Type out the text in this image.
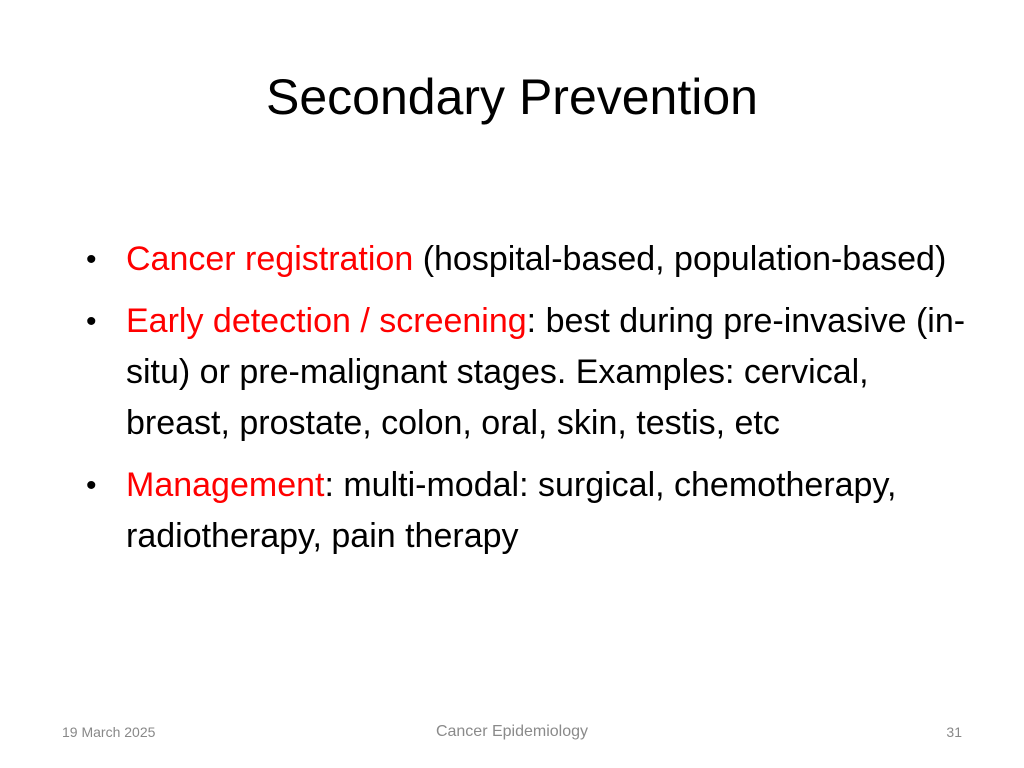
Secondary Prevention
• Cancer registration (hospital-based, population-based)
• Early detection / screening: best during pre-invasive (in-situ) or pre-malignant stages. Examples: cervical, breast, prostate, colon, oral, skin, testis, etc
• Management: multi-modal: surgical, chemotherapy, radiotherapy, pain therapy
19 March 2025	Cancer Epidemiology	31
